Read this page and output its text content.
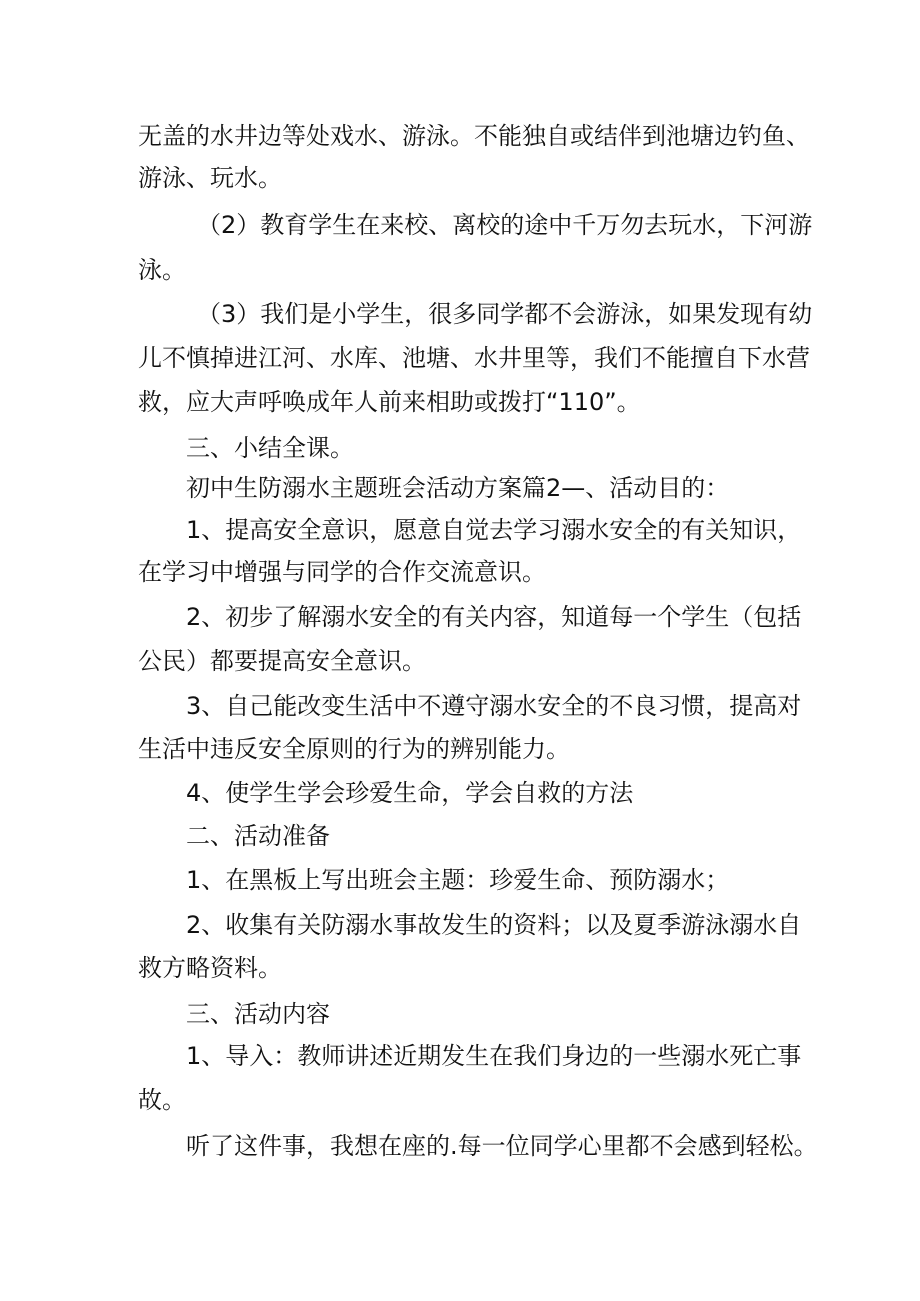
无盖的水井边等处戏水、游泳。不能独自或结伴到池塘边钓鱼、
游泳、玩水。
（2）教育学生在来校、离校的途中千万勿去玩水，下河游
泳。
（3）我们是小学生，很多同学都不会游泳，如果发现有幼
儿不慎掉进江河、水库、池塘、水井里等，我们不能擅自下水营
救，应大声呼唤成年人前来相助或拨打“110”。
三、小结全课。
初中生防溺水主题班会活动方案篇2—、活动目的：
1、提高安全意识，愿意自觉去学习溺水安全的有关知识，
在学习中增强与同学的合作交流意识。
2、初步了解溺水安全的有关内容，知道每一个学生（包括
公民）都要提高安全意识。
3、自己能改变生活中不遵守溺水安全的不良习惯，提高对
生活中违反安全原则的行为的辨别能力。
4、使学生学会珍爱生命，学会自救的方法
二、活动准备
1、在黑板上写出班会主题：珍爱生命、预防溺水；
2、收集有关防溺水事故发生的资料；以及夏季游泳溺水自
救方略资料。
三、活动内容
1、导入：教师讲述近期发生在我们身边的一些溺水死亡事
故。
听了这件事，我想在座的.每一位同学心里都不会感到轻松。
